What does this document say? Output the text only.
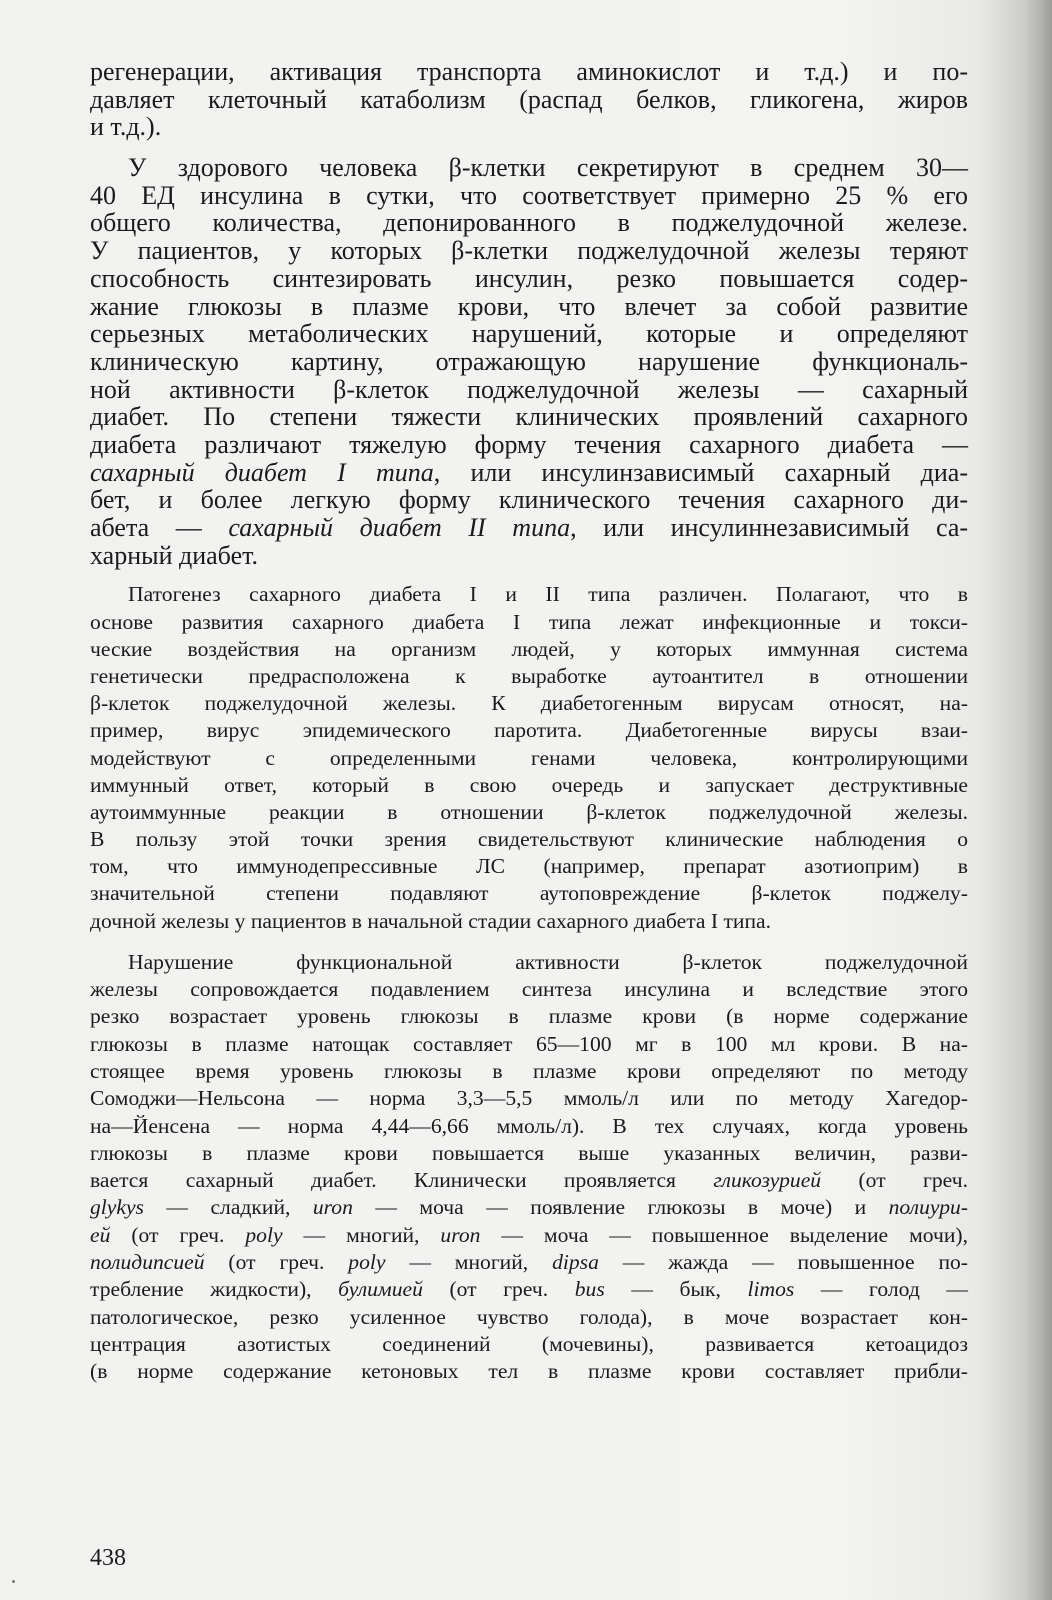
регенерации, активация транспорта аминокислот и т.д.) и по-
давляет клеточный катаболизм (распад белков, гликогена, жиров
и т.д.).
У здорового человека β-клетки секретируют в среднем 30—
40 ЕД инсулина в сутки, что соответствует примерно 25 % его
общего количества, депонированного в поджелудочной железе.
У пациентов, у которых β-клетки поджелудочной железы теряют
способность синтезировать инсулин, резко повышается содер-
жание глюкозы в плазме крови, что влечет за собой развитие
серьезных метаболических нарушений, которые и определяют
клиническую картину, отражающую нарушение функциональ-
ной активности β-клеток поджелудочной железы — сахарный
диабет. По степени тяжести клинических проявлений сахарного
диабета различают тяжелую форму течения сахарного диабета —
сахарный диабет I типа, или инсулинзависимый сахарный диа-
бет, и более легкую форму клинического течения сахарного ди-
абета — сахарный диабет II типа, или инсулиннезависимый са-
харный диабет.
Патогенез сахарного диабета I и II типа различен. Полагают, что в
основе развития сахарного диабета I типа лежат инфекционные и токси-
ческие воздействия на организм людей, у которых иммунная система
генетически предрасположена к выработке аутоантител в отношении
β-клеток поджелудочной железы. К диабетогенным вирусам относят, на-
пример, вирус эпидемического паротита. Диабетогенные вирусы взаи-
модействуют с определенными генами человека, контролирующими
иммунный ответ, который в свою очередь и запускает деструктивные
аутоиммунные реакции в отношении β-клеток поджелудочной железы.
В пользу этой точки зрения свидетельствуют клинические наблюдения о
том, что иммунодепрессивные ЛС (например, препарат азотиоприм) в
значительной степени подавляют аутоповреждение β-клеток поджелу-
дочной железы у пациентов в начальной стадии сахарного диабета I типа.
Нарушение функциональной активности β-клеток поджелудочной
железы сопровождается подавлением синтеза инсулина и вследствие этого
резко возрастает уровень глюкозы в плазме крови (в норме содержание
глюкозы в плазме натощак составляет 65—100 мг в 100 мл крови. В на-
стоящее время уровень глюкозы в плазме крови определяют по методу
Сомоджи—Нельсона — норма 3,3—5,5 ммоль/л или по методу Хагедор-
на—Йенсена — норма 4,44—6,66 ммоль/л). В тех случаях, когда уровень
глюкозы в плазме крови повышается выше указанных величин, разви-
вается сахарный диабет. Клинически проявляется гликозурией (от греч.
glykys — сладкий, uron — моча — появление глюкозы в моче) и полиури-
ей (от греч. poly — многий, uron — моча — повышенное выделение мочи),
полидипсией (от греч. poly — многий, dipsa — жажда — повышенное по-
требление жидкости), булимией (от греч. bus — бык, limos — голод —
патологическое, резко усиленное чувство голода), в моче возрастает кон-
центрация азотистых соединений (мочевины), развивается кетоацидоз
(в норме содержание кетоновых тел в плазме крови составляет прибли-
438
